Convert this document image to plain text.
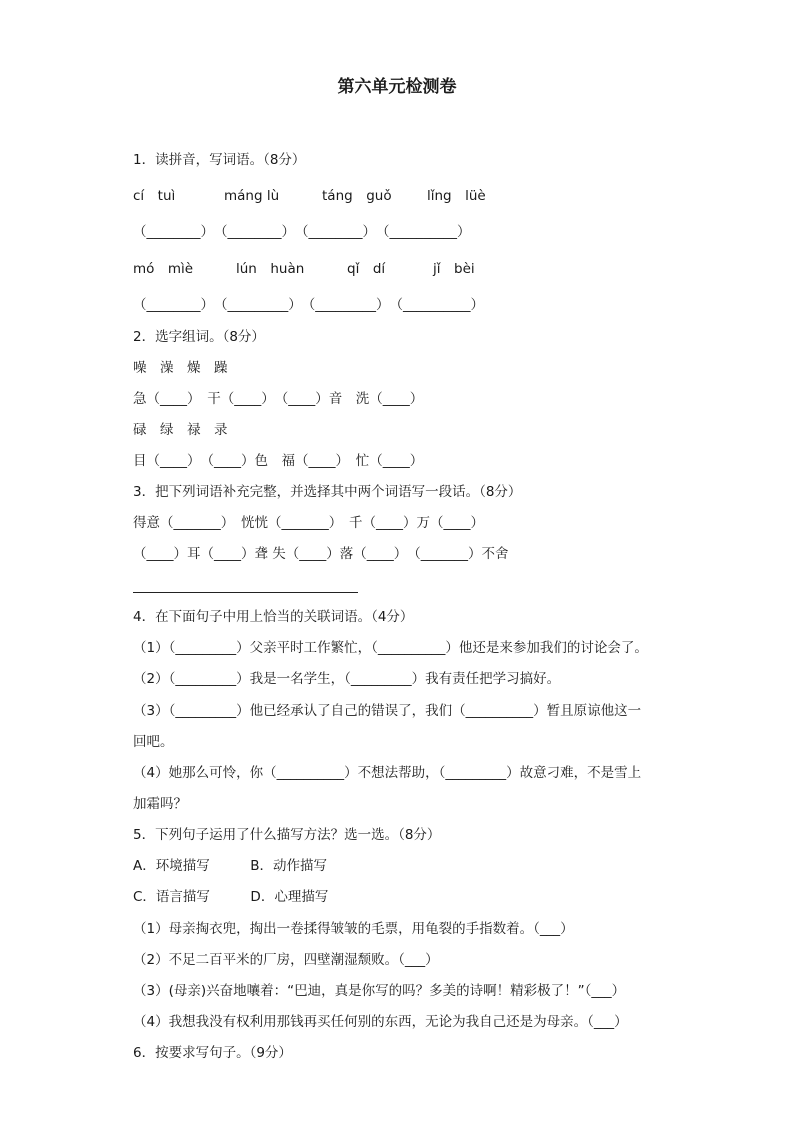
第六单元检测卷
1．读拼音，写词语。（8分）
cí　tuì	máng lù	táng　guǒ	lǐng　lüè
（________）　（________）　（________）　（__________）
mó　mìè	lún　huàn	qǐ　dí	jǐ　bèi
（________）　（_________）　（_________）　（__________）
2．选字组词。（8分）
噪　澡　燥　躁
急（____）　干（____）　（____）音　洗（____）
碌　绿　禄　录
目（____）　（____）色　福（____）　忙（____）
3．把下列词语补充完整，并选择其中两个词语写一段话。（8分）
得意（_______）　恍恍（_______）　千（____）万（____）
（____）耳（____）聋 失（____）落（____）　（_______）不舍
4．在下面句子中用上恰当的关联词语。（4分）
（1）（_________）父亲平时工作繁忙，（__________）他还是来参加我们的讨论会了。
（2）（_________）我是一名学生，（_________）我有责任把学习搞好。
（3）（_________）他已经承认了自己的错误了，我们（__________）暂且原谅他这一
回吧。
（4）她那么可怜，你（__________）不想法帮助，（_________）故意刁难，不是雪上
加霜吗？
5．下列句子运用了什么描写方法？选一选。（8分）
A．环境描写　　　B．动作描写
C．语言描写　　　D．心理描写
（1）母亲掏衣兜，掏出一卷揉得皱皱的毛票，用龟裂的手指数着。（___）
（2）不足二百平米的厂房，四壁潮湿颓败。（___）
（3）(母亲)兴奋地嚷着：“巴迪，真是你写的吗？多美的诗啊！精彩极了！”（___）
（4）我想我没有权利用那钱再买任何别的东西，无论为我自己还是为母亲。（___）
6．按要求写句子。（9分）
